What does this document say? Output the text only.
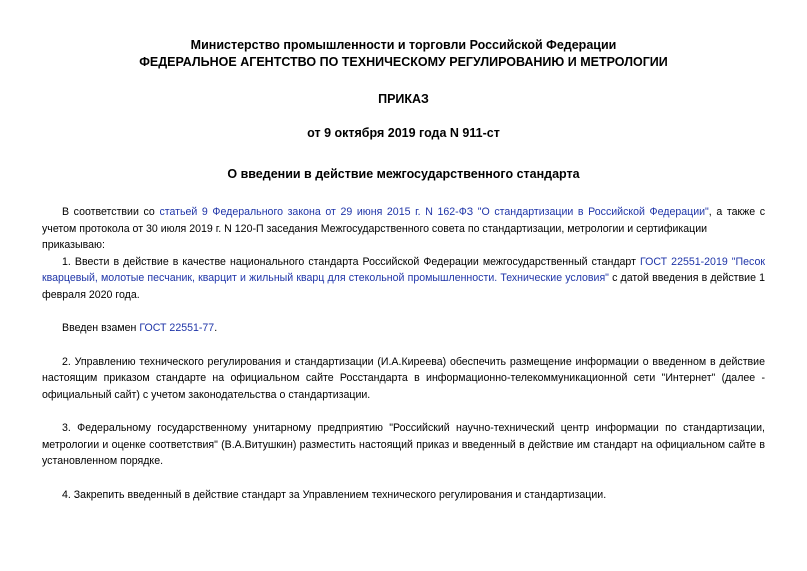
Министерство промышленности и торговли Российской Федерации
ФЕДЕРАЛЬНОЕ АГЕНТСТВО ПО ТЕХНИЧЕСКОМУ РЕГУЛИРОВАНИЮ И МЕТРОЛОГИИ
ПРИКАЗ
от 9 октября 2019 года N 911-ст
О введении в действие межгосударственного стандарта

В соответствии со статьей 9 Федерального закона от 29 июня 2015 г. N 162-ФЗ "О стандартизации в Российской Федерации", а также с учетом протокола от 30 июля 2019 г. N 120-П заседания Межгосударственного совета по стандартизации, метрологии и сертификации

приказываю:

1. Ввести в действие в качестве национального стандарта Российской Федерации межгосударственный стандарт ГОСТ 22551-2019 "Песок кварцевый, молотые песчаник, кварцит и жильный кварц для стекольной промышленности. Технические условия" с датой введения в действие 1 февраля 2020 года.

Введен взамен ГОСТ 22551-77.

2. Управлению технического регулирования и стандартизации (И.А.Киреева) обеспечить размещение информации о введенном в действие настоящим приказом стандарте на официальном сайте Росстандарта в информационно-телекоммуникационной сети "Интернет" (далее - официальный сайт) с учетом законодательства о стандартизации.

3. Федеральному государственному унитарному предприятию "Российский научно-технический центр информации по стандартизации, метрологии и оценке соответствия" (В.А.Витушкин) разместить настоящий приказ и введенный в действие им стандарт на официальном сайте в установленном порядке.

4. Закрепить введенный в действие стандарт за Управлением технического регулирования и стандартизации.
